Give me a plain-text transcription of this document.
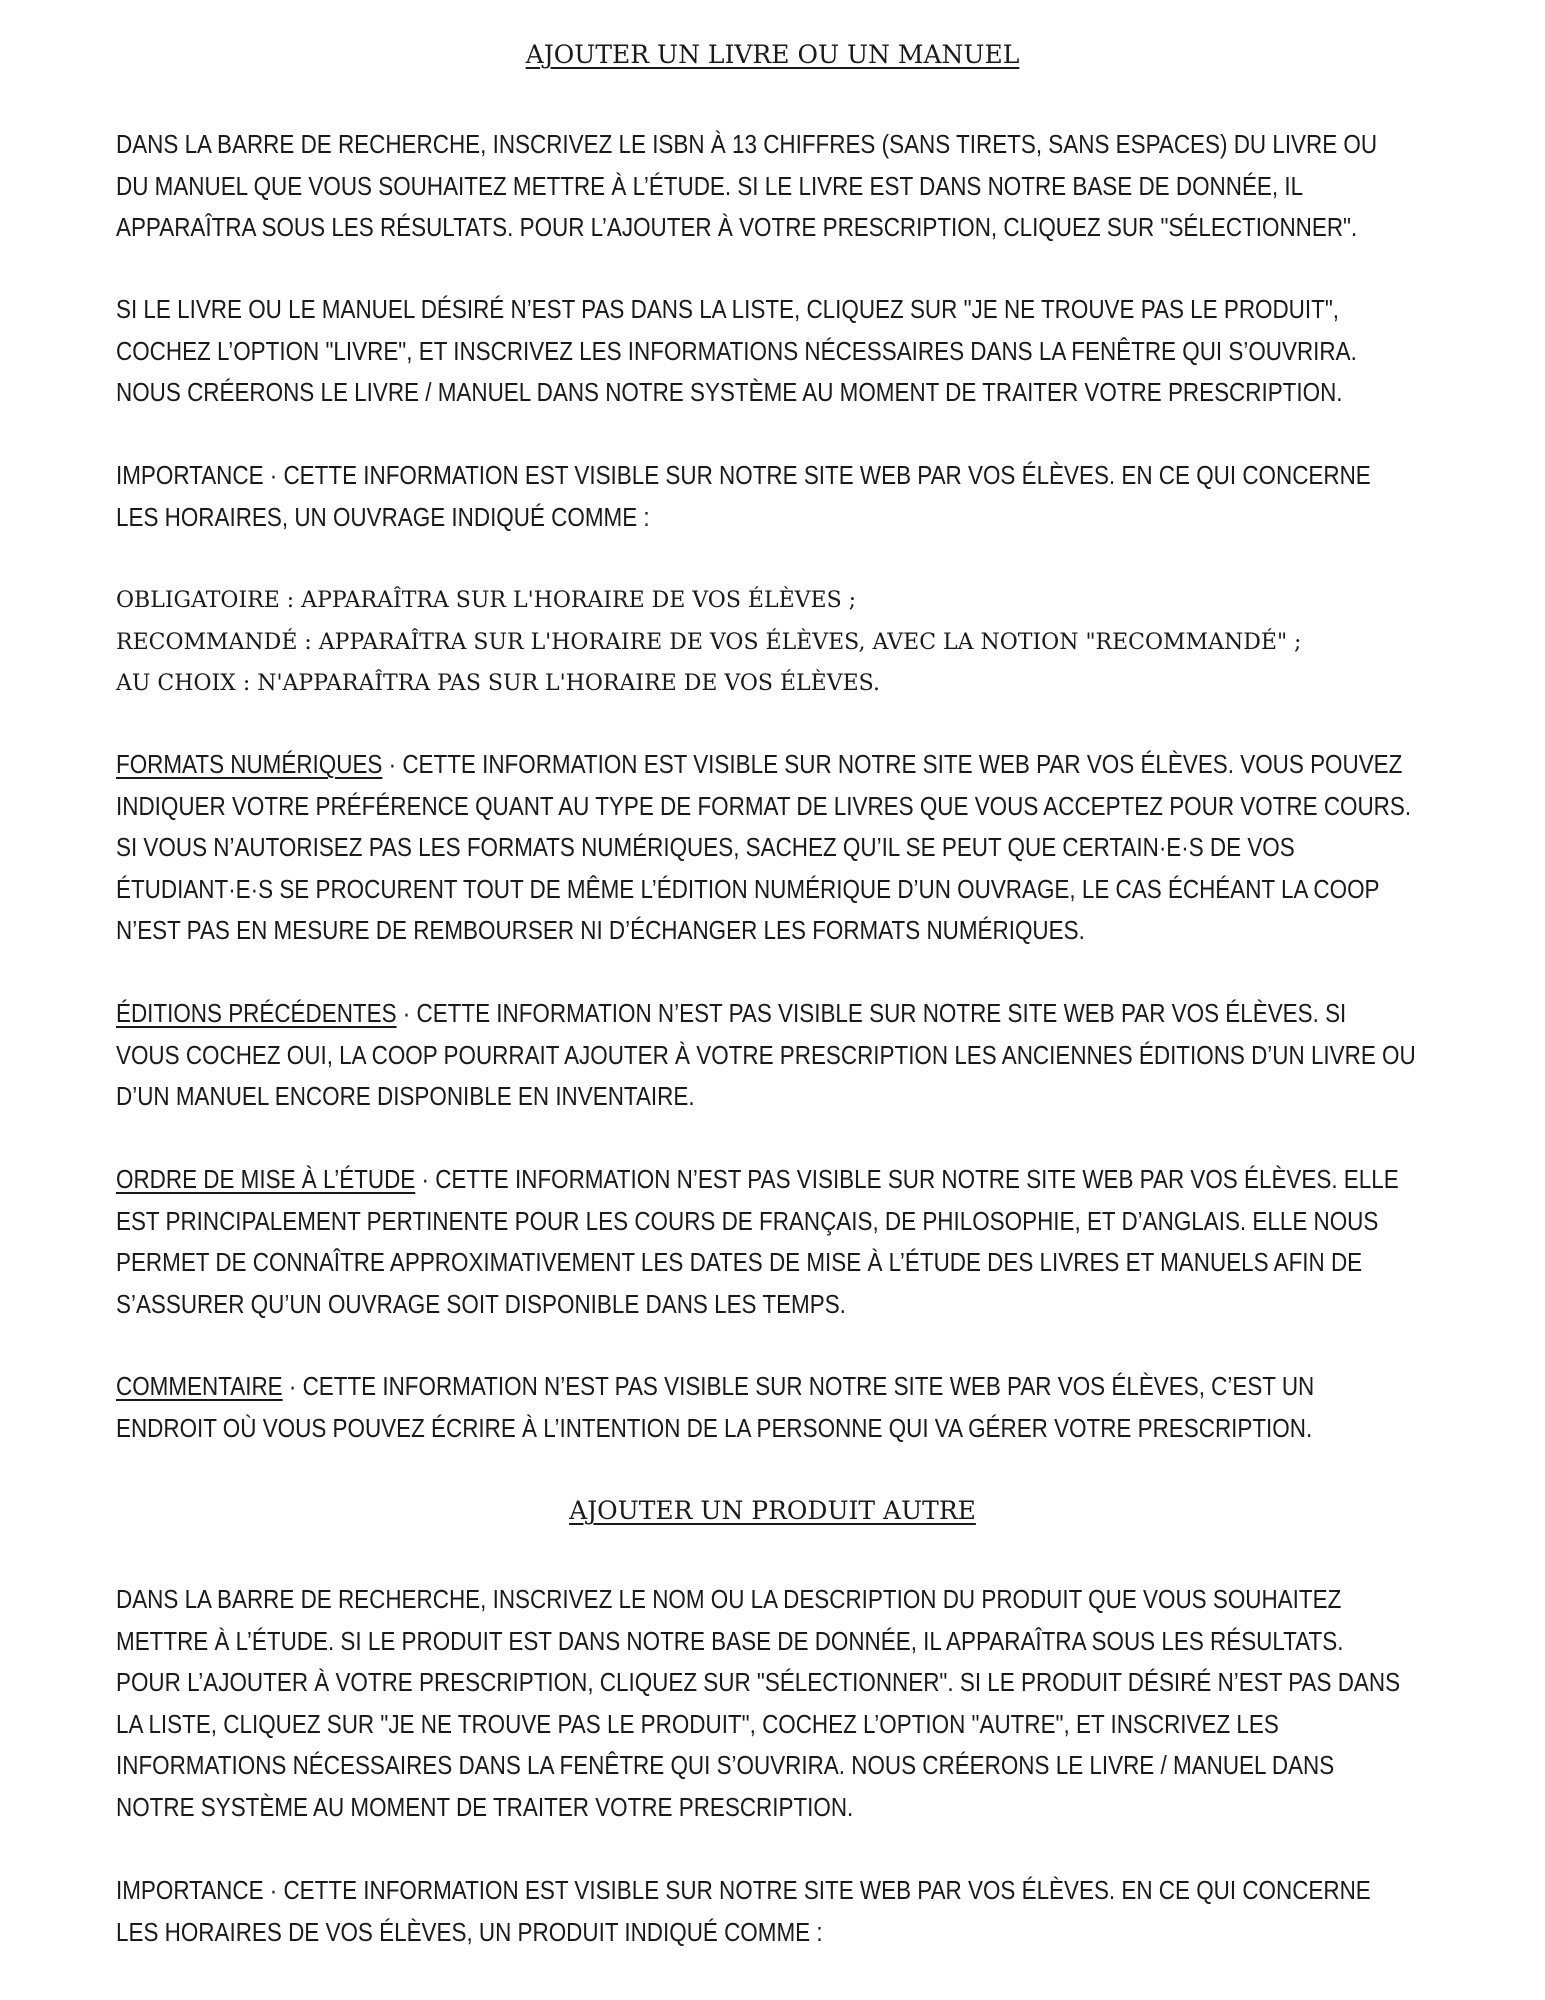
AJOUTER UN LIVRE OU UN MANUEL

DANS LA BARRE DE RECHERCHE, INSCRIVEZ LE ISBN À 13 CHIFFRES (SANS TIRETS, SANS ESPACES) DU LIVRE OU
DU MANUEL QUE VOUS SOUHAITEZ METTRE À L’ÉTUDE. SI LE LIVRE EST DANS NOTRE BASE DE DONNÉE, IL
APPARAÎTRA SOUS LES RÉSULTATS. POUR L’AJOUTER À VOTRE PRESCRIPTION, CLIQUEZ SUR "SÉLECTIONNER".

SI LE LIVRE OU LE MANUEL DÉSIRÉ N’EST PAS DANS LA LISTE, CLIQUEZ SUR "JE NE TROUVE PAS LE PRODUIT",
COCHEZ L’OPTION "LIVRE", ET INSCRIVEZ LES INFORMATIONS NÉCESSAIRES DANS LA FENÊTRE QUI S’OUVRIRA.
NOUS CRÉERONS LE LIVRE / MANUEL DANS NOTRE SYSTÈME AU MOMENT DE TRAITER VOTRE PRESCRIPTION.

IMPORTANCE · CETTE INFORMATION EST VISIBLE SUR NOTRE SITE WEB PAR VOS ÉLÈVES. EN CE QUI CONCERNE
LES HORAIRES, UN OUVRAGE INDIQUÉ COMME :

OBLIGATOIRE : APPARAÎTRA SUR L'HORAIRE DE VOS ÉLÈVES ;
RECOMMANDÉ : APPARAÎTRA SUR L'HORAIRE DE VOS ÉLÈVES, AVEC LA NOTION "RECOMMANDÉ" ;
AU CHOIX : N'APPARAÎTRA PAS SUR L'HORAIRE DE VOS ÉLÈVES.

FORMATS NUMÉRIQUES · CETTE INFORMATION EST VISIBLE SUR NOTRE SITE WEB PAR VOS ÉLÈVES. VOUS POUVEZ
INDIQUER VOTRE PRÉFÉRENCE QUANT AU TYPE DE FORMAT DE LIVRES QUE VOUS ACCEPTEZ POUR VOTRE COURS.
SI VOUS N’AUTORISEZ PAS LES FORMATS NUMÉRIQUES, SACHEZ QU’IL SE PEUT QUE CERTAIN·E·S DE VOS
ÉTUDIANT·E·S SE PROCURENT TOUT DE MÊME L’ÉDITION NUMÉRIQUE D’UN OUVRAGE, LE CAS ÉCHÉANT LA COOP
N’EST PAS EN MESURE DE REMBOURSER NI D’ÉCHANGER LES FORMATS NUMÉRIQUES.

ÉDITIONS PRÉCÉDENTES · CETTE INFORMATION N’EST PAS VISIBLE SUR NOTRE SITE WEB PAR VOS ÉLÈVES. SI
VOUS COCHEZ OUI, LA COOP POURRAIT AJOUTER À VOTRE PRESCRIPTION LES ANCIENNES ÉDITIONS D’UN LIVRE OU
D’UN MANUEL ENCORE DISPONIBLE EN INVENTAIRE.

ORDRE DE MISE À L’ÉTUDE · CETTE INFORMATION N’EST PAS VISIBLE SUR NOTRE SITE WEB PAR VOS ÉLÈVES. ELLE
EST PRINCIPALEMENT PERTINENTE POUR LES COURS DE FRANÇAIS, DE PHILOSOPHIE, ET D’ANGLAIS. ELLE NOUS
PERMET DE CONNAÎTRE APPROXIMATIVEMENT LES DATES DE MISE À L’ÉTUDE DES LIVRES ET MANUELS AFIN DE
S’ASSURER QU’UN OUVRAGE SOIT DISPONIBLE DANS LES TEMPS.

COMMENTAIRE · CETTE INFORMATION N’EST PAS VISIBLE SUR NOTRE SITE WEB PAR VOS ÉLÈVES, C’EST UN
ENDROIT OÙ VOUS POUVEZ ÉCRIRE À L’INTENTION DE LA PERSONNE QUI VA GÉRER VOTRE PRESCRIPTION.

AJOUTER UN PRODUIT AUTRE

DANS LA BARRE DE RECHERCHE, INSCRIVEZ LE NOM OU LA DESCRIPTION DU PRODUIT QUE VOUS SOUHAITEZ
METTRE À L’ÉTUDE. SI LE PRODUIT EST DANS NOTRE BASE DE DONNÉE, IL APPARAÎTRA SOUS LES RÉSULTATS.
POUR L’AJOUTER À VOTRE PRESCRIPTION, CLIQUEZ SUR "SÉLECTIONNER". SI LE PRODUIT DÉSIRÉ N’EST PAS DANS
LA LISTE, CLIQUEZ SUR "JE NE TROUVE PAS LE PRODUIT", COCHEZ L’OPTION "AUTRE", ET INSCRIVEZ LES
INFORMATIONS NÉCESSAIRES DANS LA FENÊTRE QUI S’OUVRIRA. NOUS CRÉERONS LE LIVRE / MANUEL DANS
NOTRE SYSTÈME AU MOMENT DE TRAITER VOTRE PRESCRIPTION.

IMPORTANCE · CETTE INFORMATION EST VISIBLE SUR NOTRE SITE WEB PAR VOS ÉLÈVES. EN CE QUI CONCERNE
LES HORAIRES DE VOS ÉLÈVES, UN PRODUIT INDIQUÉ COMME :
